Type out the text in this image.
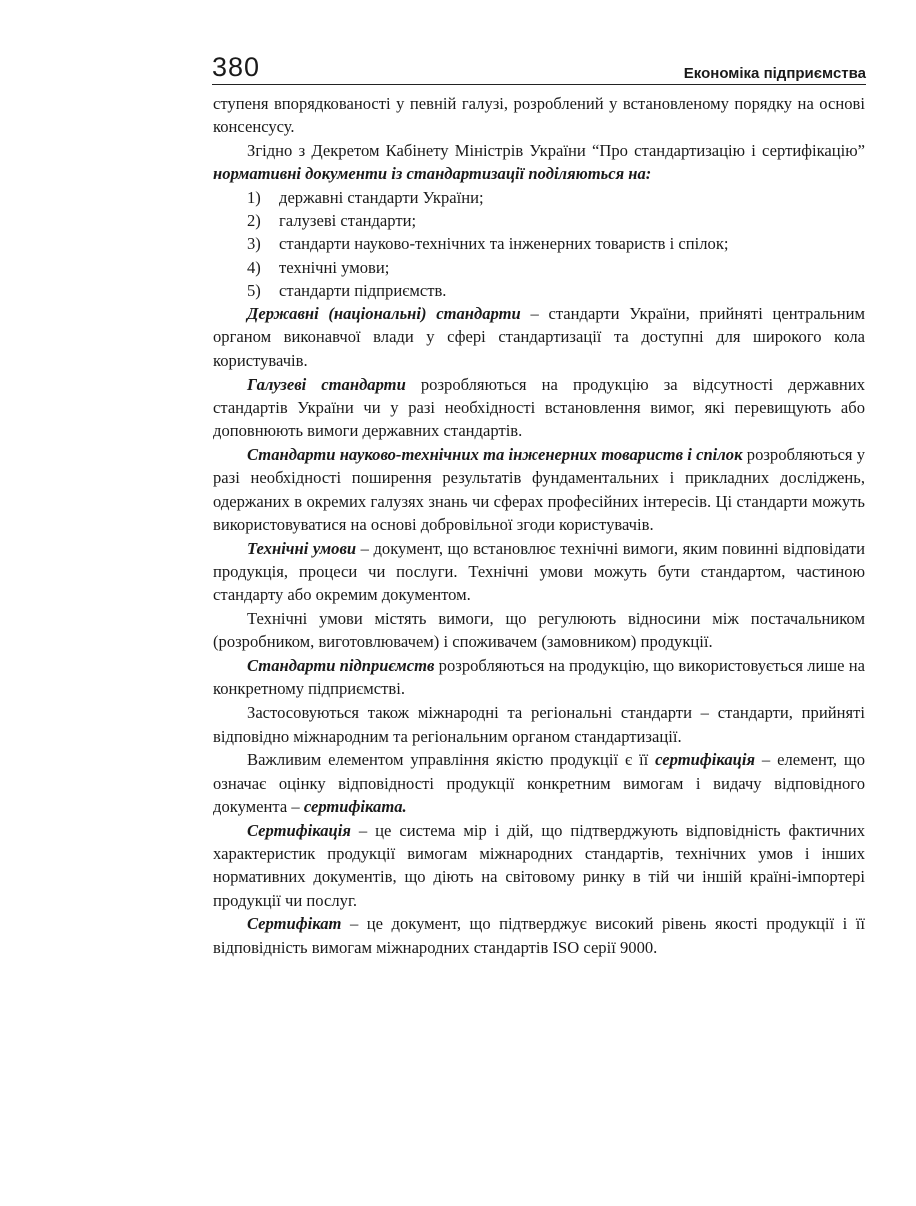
380	Економіка підприємства

ступеня впорядкованості у певній галузі, розроблений у встановленому порядку на основі консенсусу.

Згідно з Декретом Кабінету Міністрів України “Про стандартизацію і сертифікацію” нормативні документи із стандартизації поділяються на:

1) державні стандарти України;
2) галузеві стандарти;
3) стандарти науково-технічних та інженерних товариств і спілок;
4) технічні умови;
5) стандарти підприємств.

Державні (національні) стандарти – стандарти України, прийняті центральним органом виконавчої влади у сфері стандартизації та доступні для широкого кола користувачів.

Галузеві стандарти розробляються на продукцію за відсутності державних стандартів України чи у разі необхідності встановлення вимог, які перевищують або доповнюють вимоги державних стандартів.

Стандарти науково-технічних та інженерних товариств і спілок розробляються у разі необхідності поширення результатів фундаментальних і прикладних досліджень, одержаних в окремих галузях знань чи сферах професійних інтересів. Ці стандарти можуть використовуватися на основі добровільної згоди користувачів.

Технічні умови – документ, що встановлює технічні вимоги, яким повинні відповідати продукція, процеси чи послуги. Технічні умови можуть бути стандартом, частиною стандарту або окремим документом.

Технічні умови містять вимоги, що регулюють відносини між постачальником (розробником, виготовлювачем) і споживачем (замовником) продукції.

Стандарти підприємств розробляються на продукцію, що використовується лише на конкретному підприємстві.

Застосовуються також міжнародні та регіональні стандарти – стандарти, прийняті відповідно міжнародним та регіональним органом стандартизації.

Важливим елементом управління якістю продукції є її сертифікація – елемент, що означає оцінку відповідності продукції конкретним вимогам і видачу відповідного документа – сертифіката.

Сертифікація – це система мір і дій, що підтверджують відповідність фактичних характеристик продукції вимогам міжнародних стандартів, технічних умов і інших нормативних документів, що діють на світовому ринку в тій чи іншій країні-імпортері продукції чи послуг.

Сертифікат – це документ, що підтверджує високий рівень якості продукції і її відповідність вимогам міжнародних стандартів ISO серії 9000.
